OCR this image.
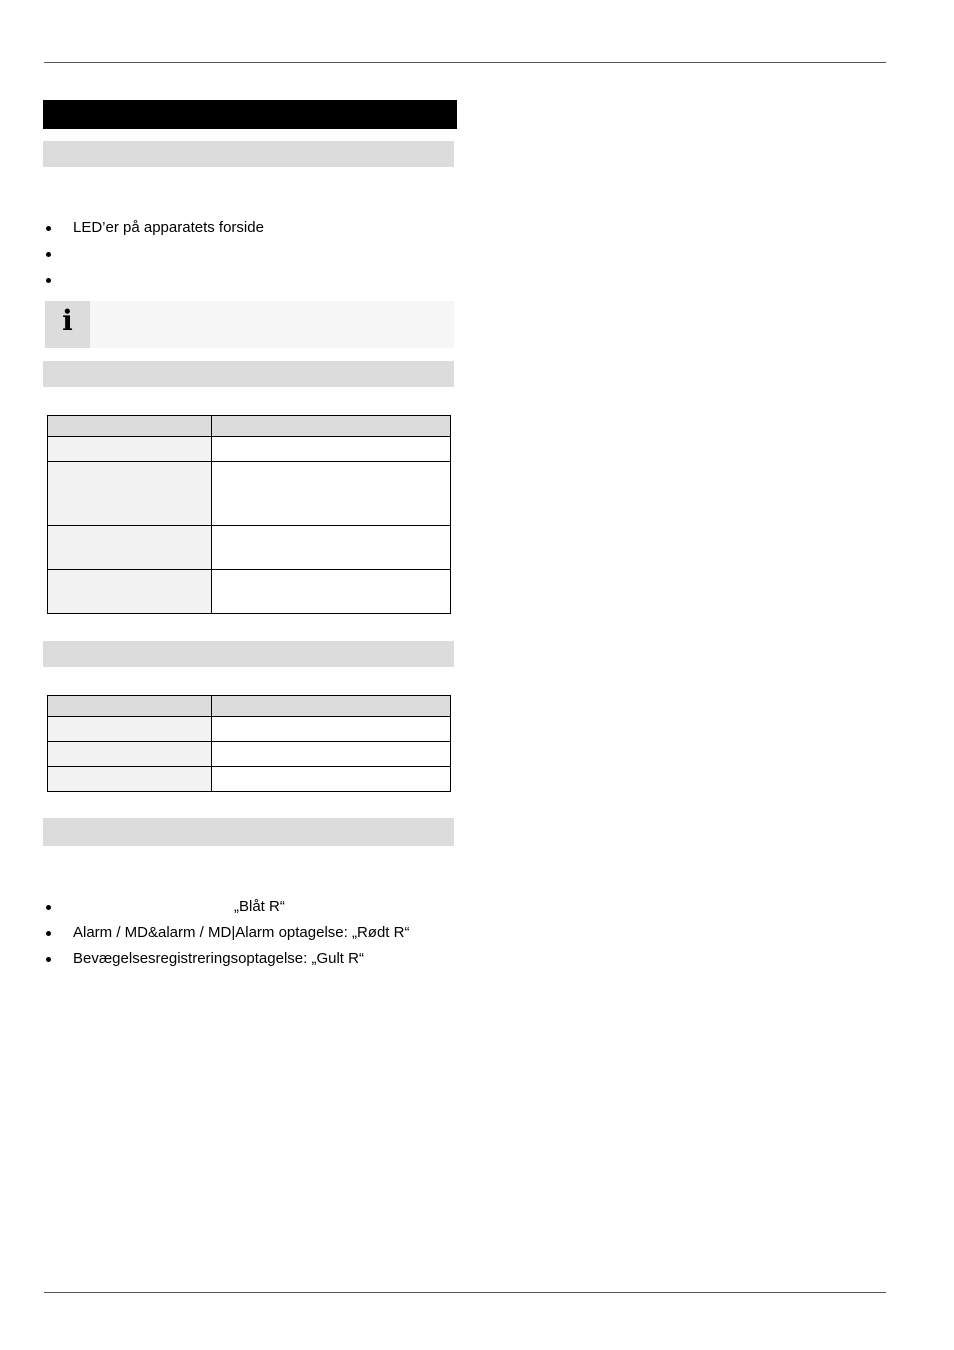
LED’er på apparatets forside
i

„Blåt R“
Alarm / MD&alarm / MD|Alarm optagelse: „Rødt R“
Bevægelsesregistreringsoptagelse: „Gult R“
